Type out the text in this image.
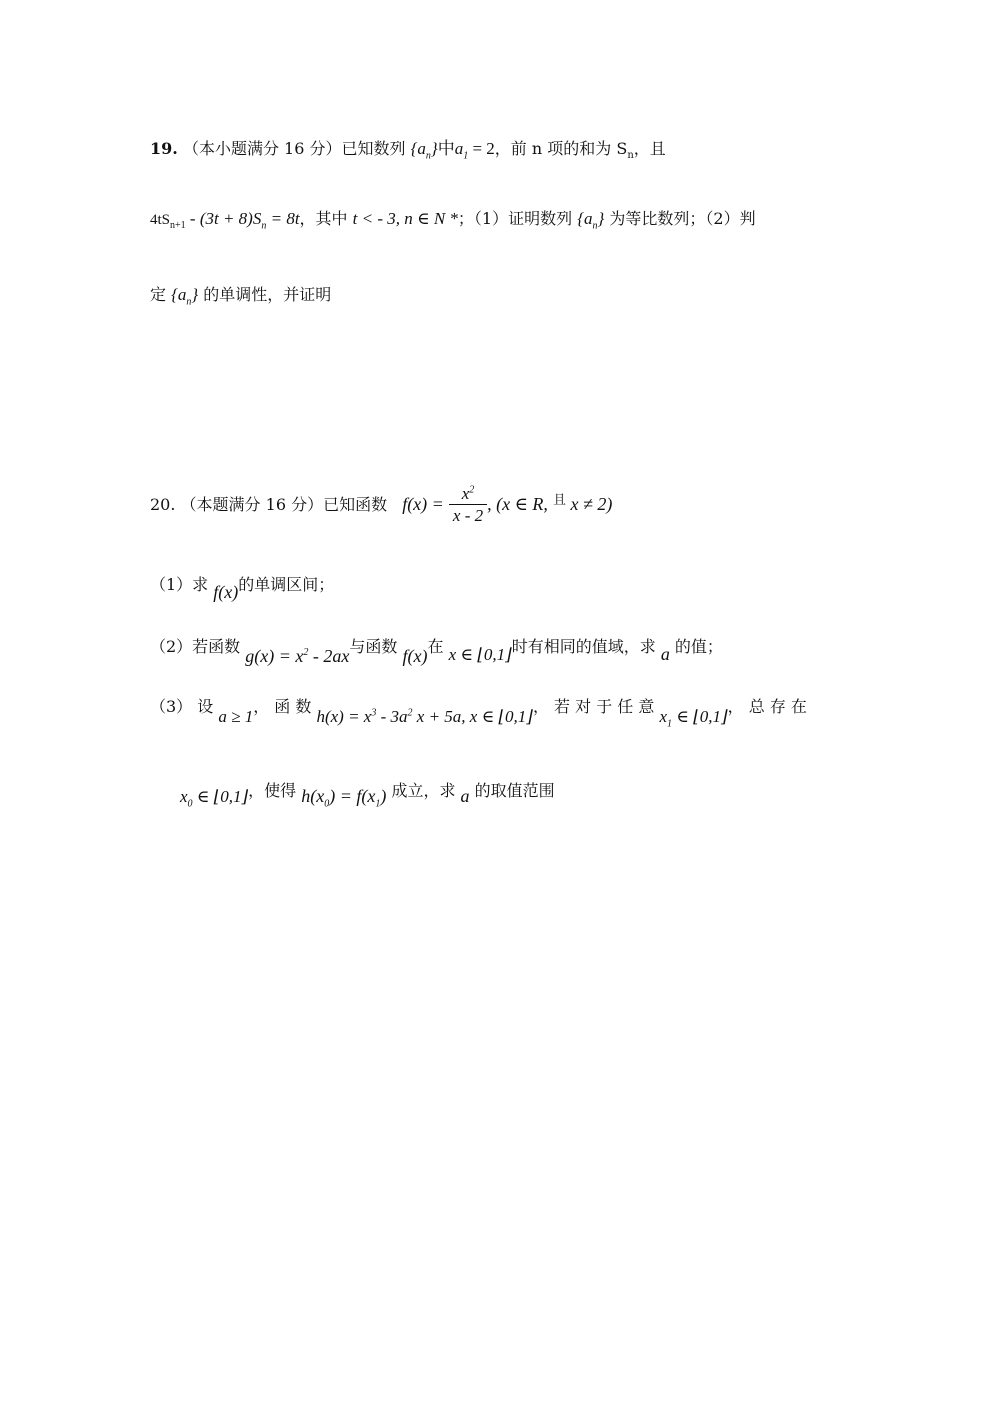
19. （本小题满分 16 分）已知数列 $\{a_n\}$中$a_1 = 2$，前 n 项的和为 $S_n$，且
$4tS_{n+1} - (3t + 8)S_n = 8t$，其中 t < - 3, n ∈ N *；（1）证明数列 $\{a_n\}$ 为等比数列；（2）判
定 $\{a_n\}$ 的单调性，并证明
20. （本题满分 16 分）已知函数 $f(x) = \frac{x^2}{x - 2}$ , (x ∈ R, $^且$ x ≠ 2)
（1）求 f(x)的单调区间；
（2）若函数 $g(x) = x^2 - 2ax$与函数 f(x)在 x ∈ ⌊0,1⌋时有相同的值域，求 a 的值；
（3） 设 a ≥ 1， 函 数 $h(x) = x^3 - 3a^2$ x + 5a, x ∈ ⌊0,1⌋， 若 对 于 任 意 $x_1$ ∈ ⌊0,1⌋， 总 存 在
$x_0$ ∈ ⌊0,1⌋，使得 $h(x_0) = f(x_1)$ 成立，求 a 的取值范围
